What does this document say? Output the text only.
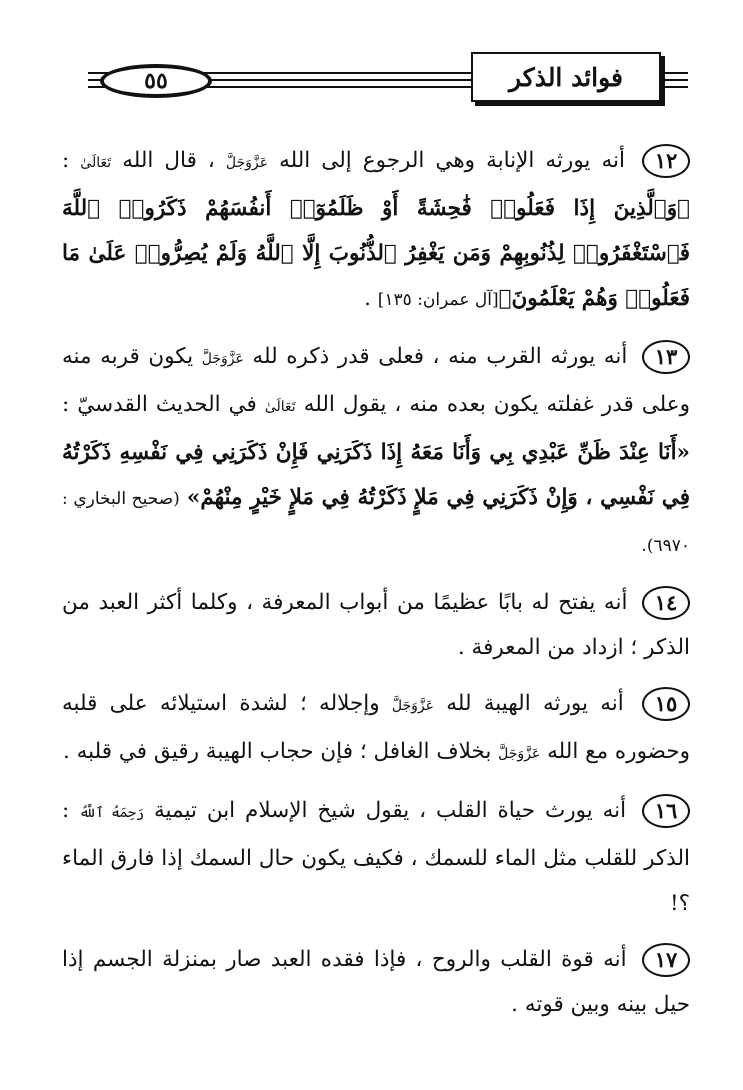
٥٥	فوائد الذكر

١٢ أنه يورثه الإنابة وهي الرجوع إلى الله عَزَّوَجَلَّ ، قال الله تَعَالَىٰ : ﴿وَٱلَّذِينَ إِذَا فَعَلُوا۟ فَٰحِشَةً أَوْ ظَلَمُوٓا۟ أَنفُسَهُمْ ذَكَرُوا۟ ٱللَّهَ فَٱسْتَغْفَرُوا۟ لِذُنُوبِهِمْ وَمَن يَغْفِرُ ٱلذُّنُوبَ إِلَّا ٱللَّهُ وَلَمْ يُصِرُّوا۟ عَلَىٰ مَا فَعَلُوا۟ وَهُمْ يَعْلَمُونَ﴾[آل عمران: ١٣٥] .

١٣ أنه يورثه القرب منه ، فعلى قدر ذكره لله عَزَّوَجَلَّ يكون قربه منه وعلى قدر غفلته يكون بعده منه ، يقول الله تَعَالَىٰ في الحديث القدسيّ : «أَنَا عِنْدَ ظَنِّ عَبْدِي بِي وَأَنَا مَعَهُ إِذَا ذَكَرَنِي فَإِنْ ذَكَرَنِي فِي نَفْسِهِ ذَكَرْتُهُ فِي نَفْسِي ، وَإِنْ ذَكَرَنِي فِي مَلإٍ ذَكَرْتُهُ فِي مَلإٍ خَيْرٍ مِنْهُمْ» (صحيح البخاري : ٦٩٧٠).

١٤ أنه يفتح له بابًا عظيمًا من أبواب المعرفة ، وكلما أكثر العبد من الذكر ؛ ازداد من المعرفة .

١٥ أنه يورثه الهيبة لله عَزَّوَجَلَّ وإجلاله ؛ لشدة استيلائه على قلبه وحضوره مع الله عَزَّوَجَلَّ بخلاف الغافل ؛ فإن حجاب الهيبة رقيق في قلبه .

١٦ أنه يورث حياة القلب ، يقول شيخ الإسلام ابن تيمية رَحِمَهُ ٱللَّهُ : الذكر للقلب مثل الماء للسمك ، فكيف يكون حال السمك إذا فارق الماء ؟!

١٧ أنه قوة القلب والروح ، فإذا فقده العبد صار بمنزلة الجسم إذا حيل بينه وبين قوته .
